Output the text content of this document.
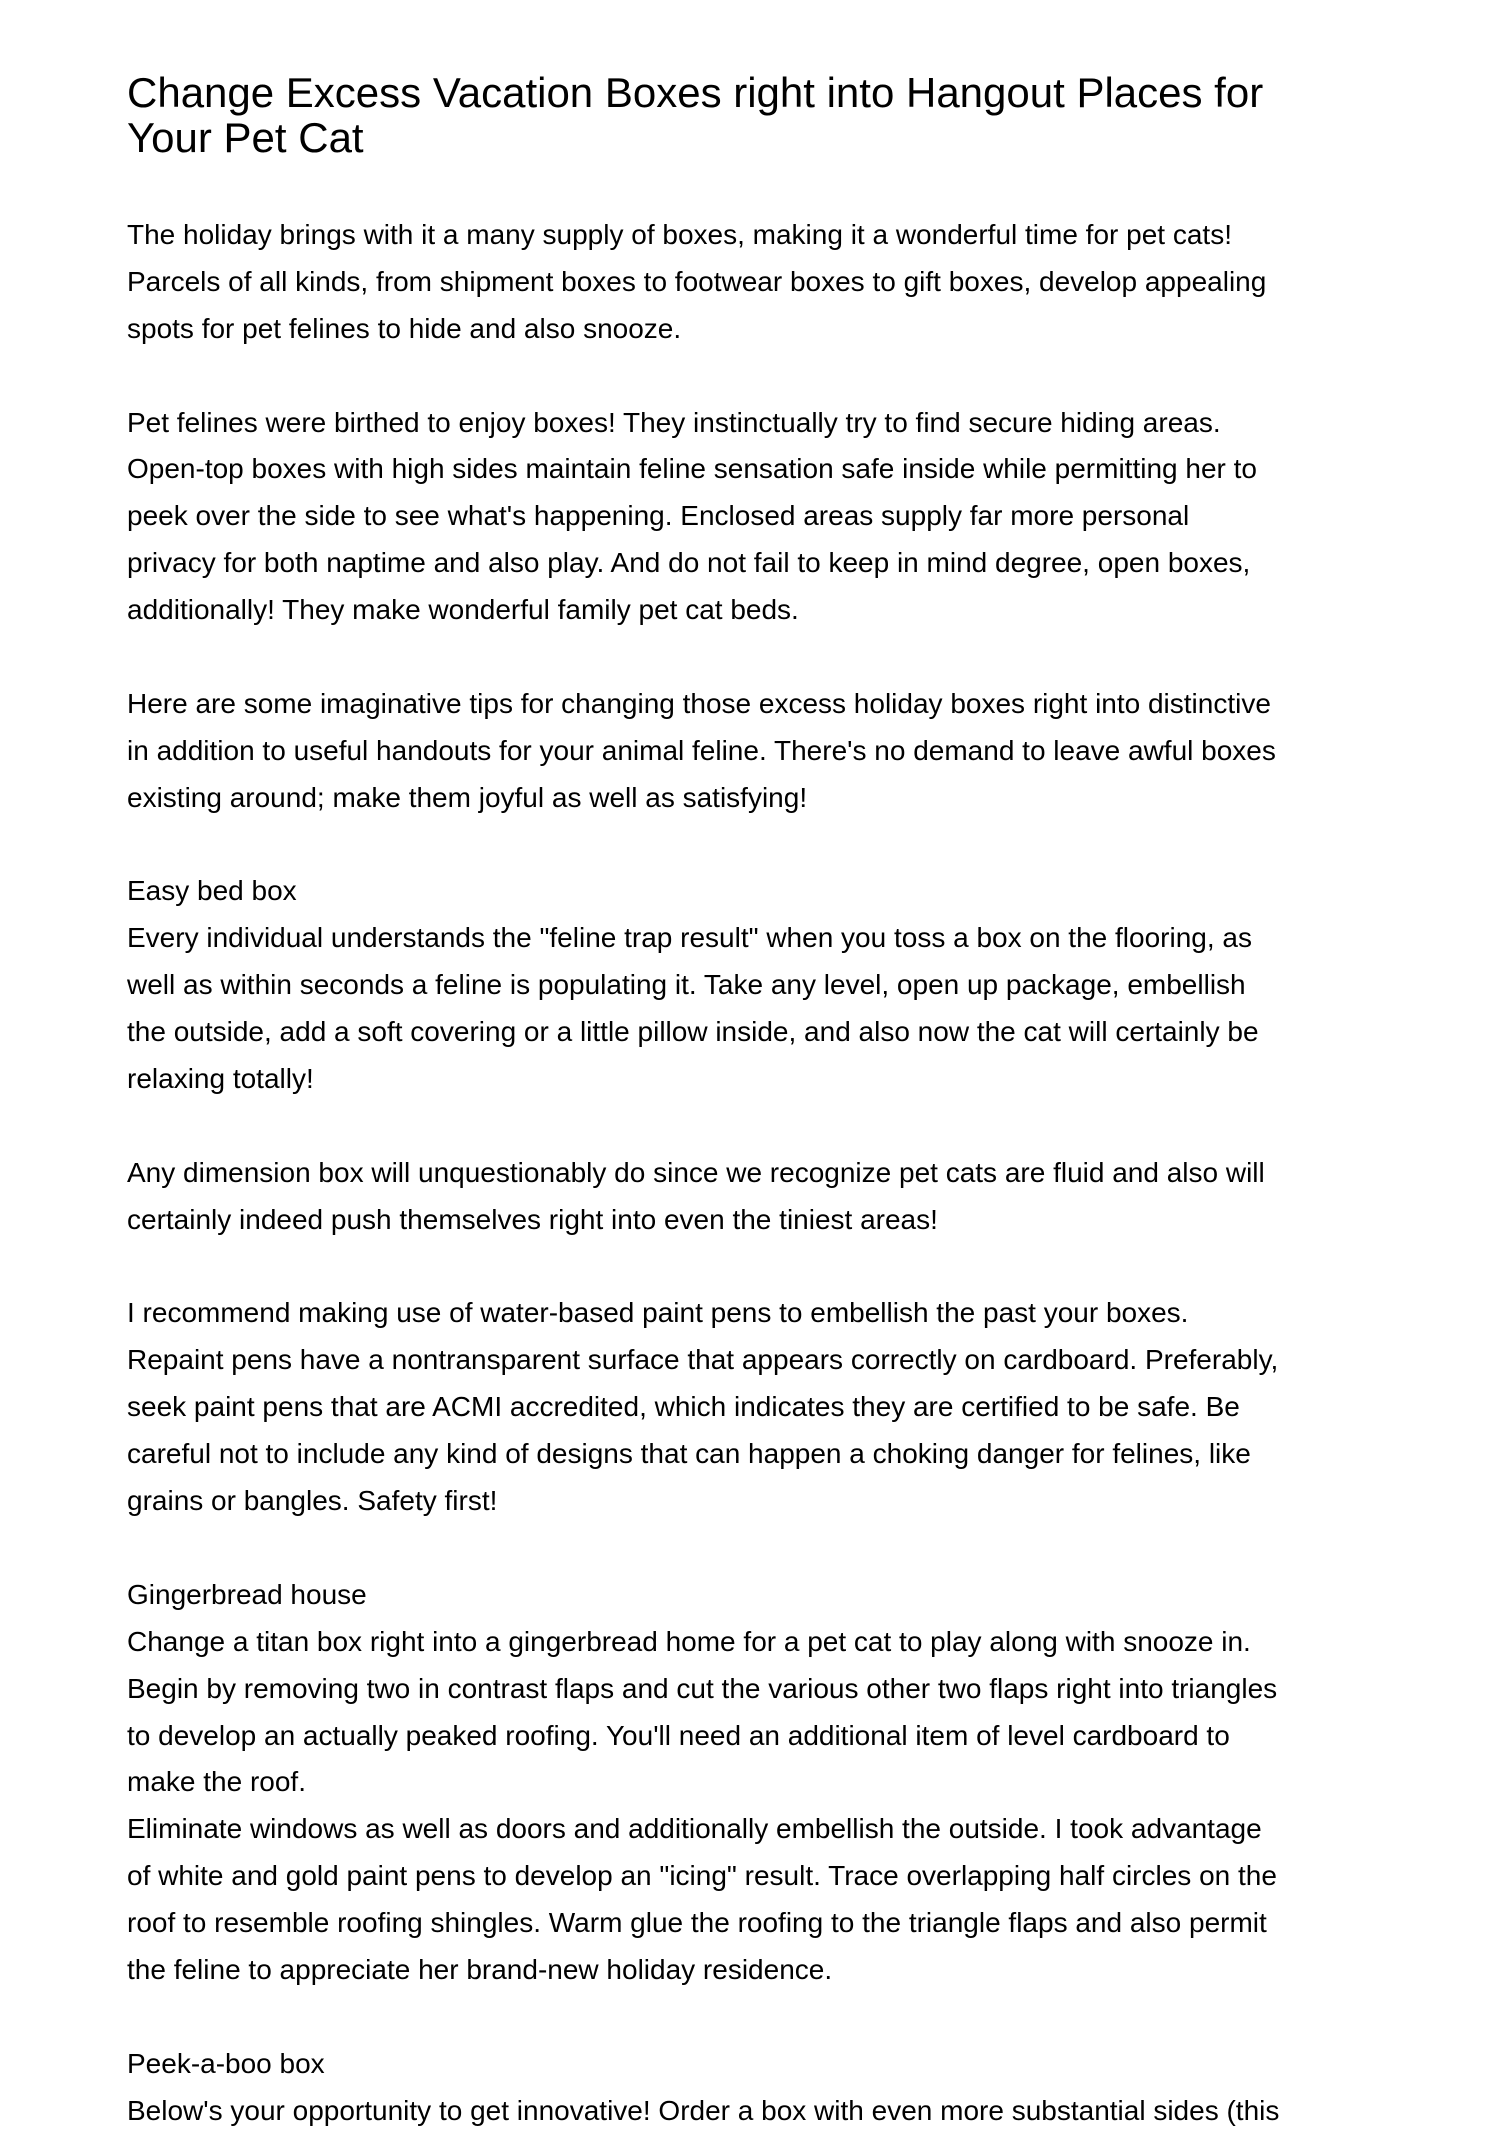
Change Excess Vacation Boxes right into Hangout Places for
Your Pet Cat
The holiday brings with it a many supply of boxes, making it a wonderful time for pet cats!
Parcels of all kinds, from shipment boxes to footwear boxes to gift boxes, develop appealing
spots for pet felines to hide and also snooze.
Pet felines were birthed to enjoy boxes! They instinctually try to find secure hiding areas.
Open-top boxes with high sides maintain feline sensation safe inside while permitting her to
peek over the side to see what's happening. Enclosed areas supply far more personal
privacy for both naptime and also play. And do not fail to keep in mind degree, open boxes,
additionally! They make wonderful family pet cat beds.
Here are some imaginative tips for changing those excess holiday boxes right into distinctive
in addition to useful handouts for your animal feline. There's no demand to leave awful boxes
existing around; make them joyful as well as satisfying!
Easy bed box
Every individual understands the "feline trap result" when you toss a box on the flooring, as
well as within seconds a feline is populating it. Take any level, open up package, embellish
the outside, add a soft covering or a little pillow inside, and also now the cat will certainly be
relaxing totally!
Any dimension box will unquestionably do since we recognize pet cats are fluid and also will
certainly indeed push themselves right into even the tiniest areas!
I recommend making use of water-based paint pens to embellish the past your boxes.
Repaint pens have a nontransparent surface that appears correctly on cardboard. Preferably,
seek paint pens that are ACMI accredited, which indicates they are certified to be safe. Be
careful not to include any kind of designs that can happen a choking danger for felines, like
grains or bangles. Safety first!
Gingerbread house
Change a titan box right into a gingerbread home for a pet cat to play along with snooze in.
Begin by removing two in contrast flaps and cut the various other two flaps right into triangles
to develop an actually peaked roofing. You'll need an additional item of level cardboard to
make the roof.
Eliminate windows as well as doors and additionally embellish the outside. I took advantage
of white and gold paint pens to develop an "icing" result. Trace overlapping half circles on the
roof to resemble roofing shingles. Warm glue the roofing to the triangle flaps and also permit
the feline to appreciate her brand-new holiday residence.
Peek-a-boo box
Below's your opportunity to get innovative! Order a box with even more substantial sides (this
